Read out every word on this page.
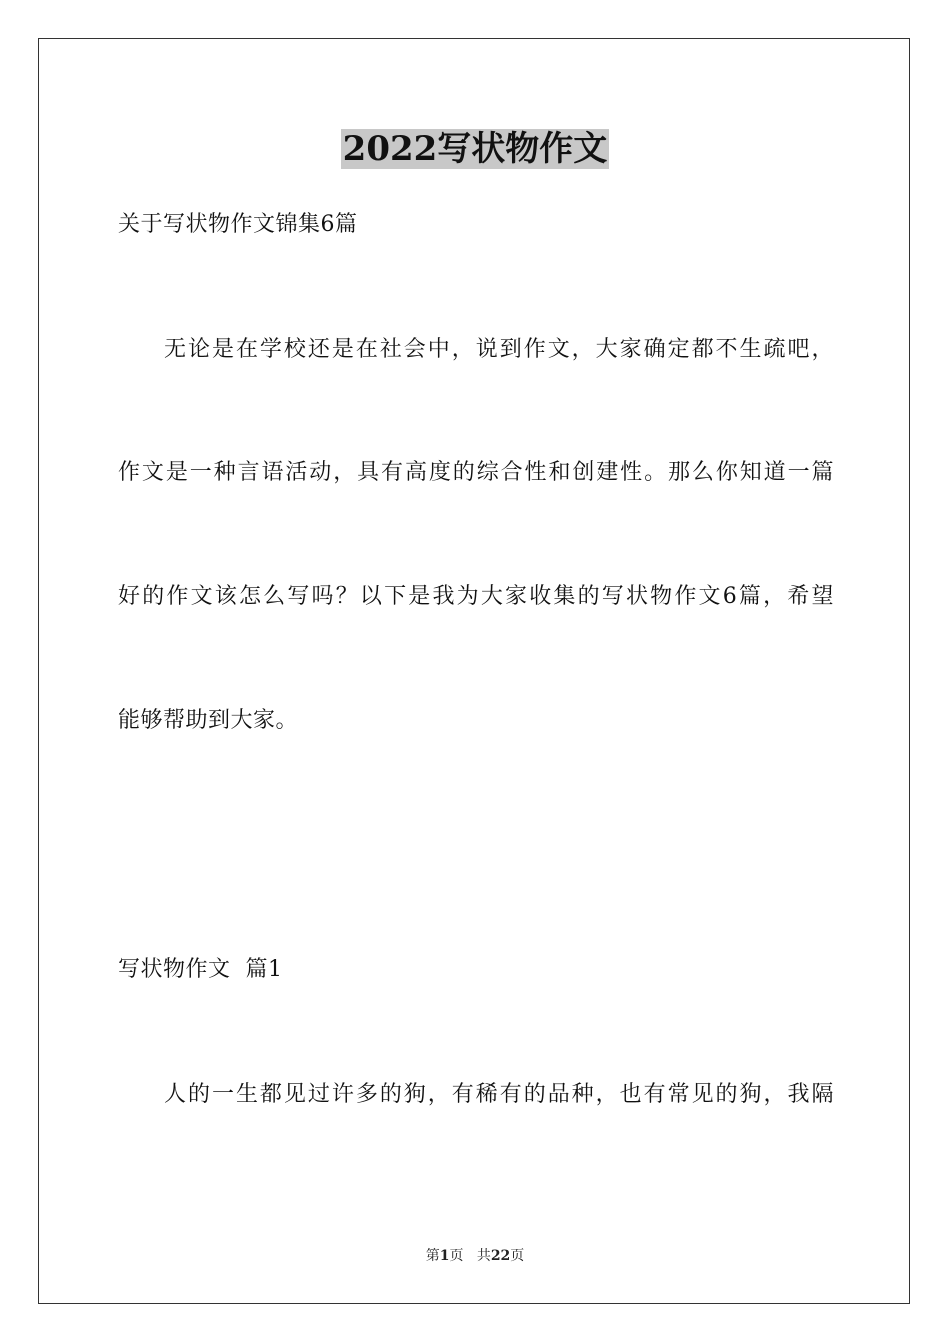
2022写状物作文
关于写状物作文锦集6篇
无论是在学校还是在社会中，说到作文，大家确定都不生疏吧，
作文是一种言语活动，具有高度的综合性和创建性。那么你知道一篇
好的作文该怎么写吗？以下是我为大家收集的写状物作文6篇，希望
能够帮助到大家。
写状物作文  篇1
人的一生都见过许多的狗，有稀有的品种，也有常见的狗，我隔
第1页 共22页
